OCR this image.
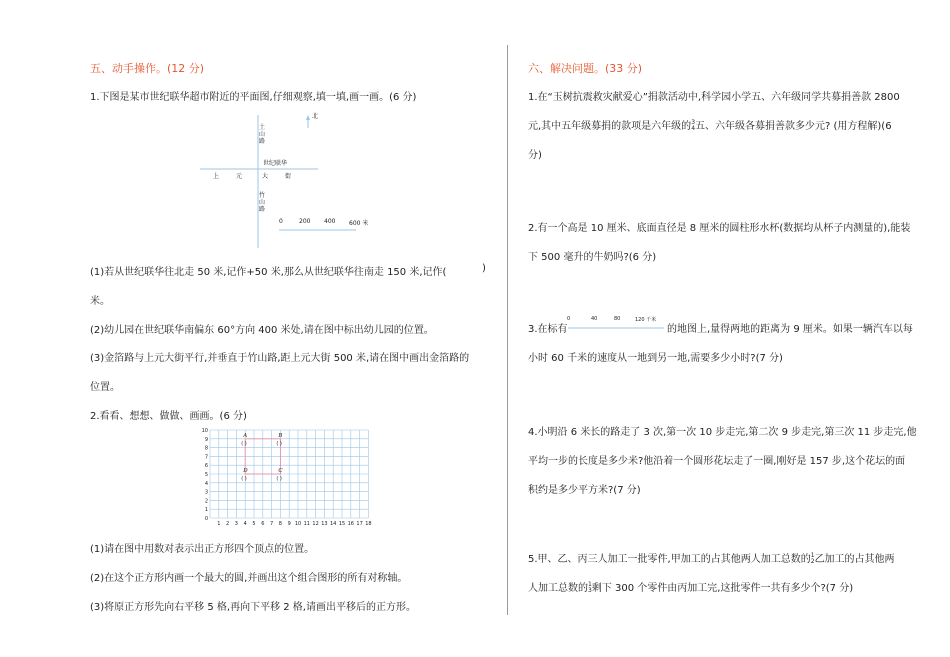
五、动手操作。(12 分)
1.下图是某市世纪联华超市附近的平面图,仔细观察,填一填,画一画。(6 分)
北
土
山
路
世纪联华
上	元	大	街
竹
山
路
0	200 400 600 米
(1)若从世纪联华往北走 50 米,记作+50 米,那么从世纪联华往南走 150 米,记作(	)
米。
(2)幼儿园在世纪联华南偏东 60°方向 400 米处,请在图中标出幼儿园的位置。
(3)金箔路与上元大街平行,并垂直于竹山路,距上元大街 500 米,请在图中画出金箔路的
位置。
2.看看、想想、做做、画画。(6 分)
10
9
8
7
6
5
4
3
2
1
0
1 2 3 4 5 6 7 8 9 10 11 12 13 14 15 16 17 18
A
( )
B
( )
D
( )
C
( )
(1)请在图中用数对表示出正方形四个顶点的位置。
(2)在这个正方形内画一个最大的圆,并画出这个组合图形的所有对称轴。
(3)将原正方形先向右平移 5 格,再向下平移 2 格,请画出平移后的正方形。
六、解决问题。(33 分)
1.在“玉树抗震救灾献爱心”捐款活动中,科学园小学五、六年级同学共募捐善款 2800
元,其中五年级募捐的款项是六年级的3
4五、六年级各募捐善款多少元? (用方程解)(6
分)
2.有一个高是 10 厘米、底面直径是 8 厘米的圆柱形水杯(数据均从杯子内测量的),能装
下 500 毫升的牛奶吗?(6 分)
3.在标有
0	40	80	120 千米
的地图上,量得两地的距离为 9 厘米。如果一辆汽车以每
小时 60 千米的速度从一地到另一地,需要多少小时?(7 分)
4.小明沿 6 米长的路走了 3 次,第一次 10 步走完,第二次 9 步走完,第三次 11 步走完,他
平均一步的长度是多少米?他沿着一个圆形花坛走了一圈,刚好是 157 步,这个花坛的面
积约是多少平方米?(7 分)
5.甲、乙、丙三人加工一批零件,甲加工的占其他两人加工总数的1
2乙加工的占其他两
人加工总数的1
3剩下 300 个零件由丙加工完,这批零件一共有多少个?(7 分)
